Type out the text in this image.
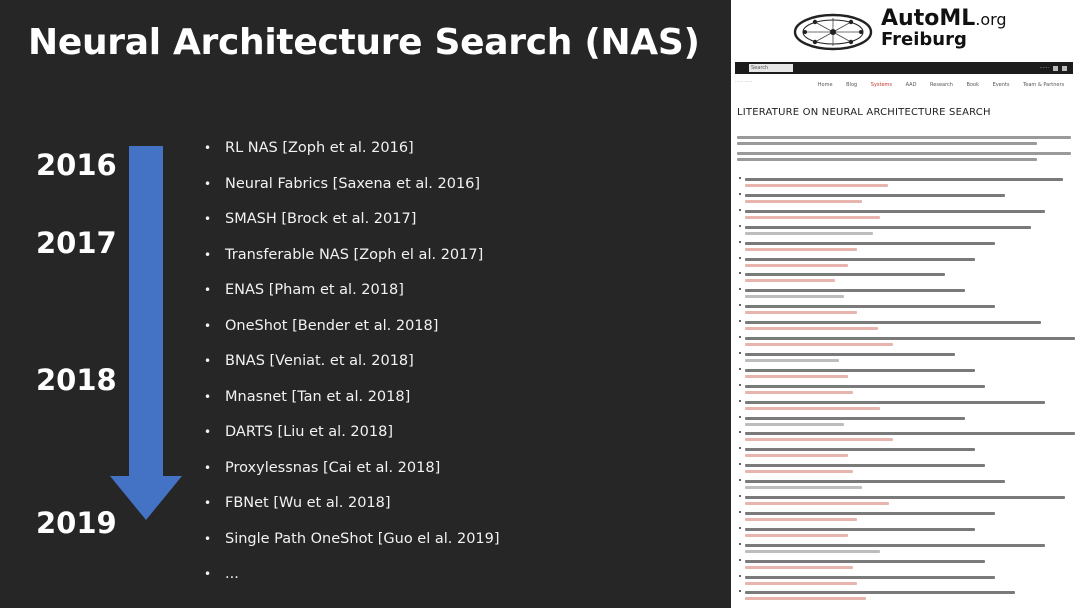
Neural Architecture Search (NAS)
2016
2017
2018
2019
• RL NAS [Zoph et al. 2016]
• Neural Fabrics [Saxena et al. 2016]
• SMASH [Brock et al. 2017]
• Transferable NAS [Zoph el al. 2017]
• ENAS [Pham et al. 2018]
• OneShot [Bender et al. 2018]
• BNAS [Veniat. et al. 2018]
• Mnasnet [Tan et al. 2018]
• DARTS [Liu et al. 2018]
• Proxylessnas [Cai et al. 2018]
• FBNet [Wu et al. 2018]
• Single Path OneShot [Guo el al. 2019]
• ...
AutoML.org
Freiburg
Search	······
····· ·····	Home	Blog	Systems	AAD	Research	Book	Events	Team & Partners
LITERATURE ON NEURAL ARCHITECTURE SEARCH
